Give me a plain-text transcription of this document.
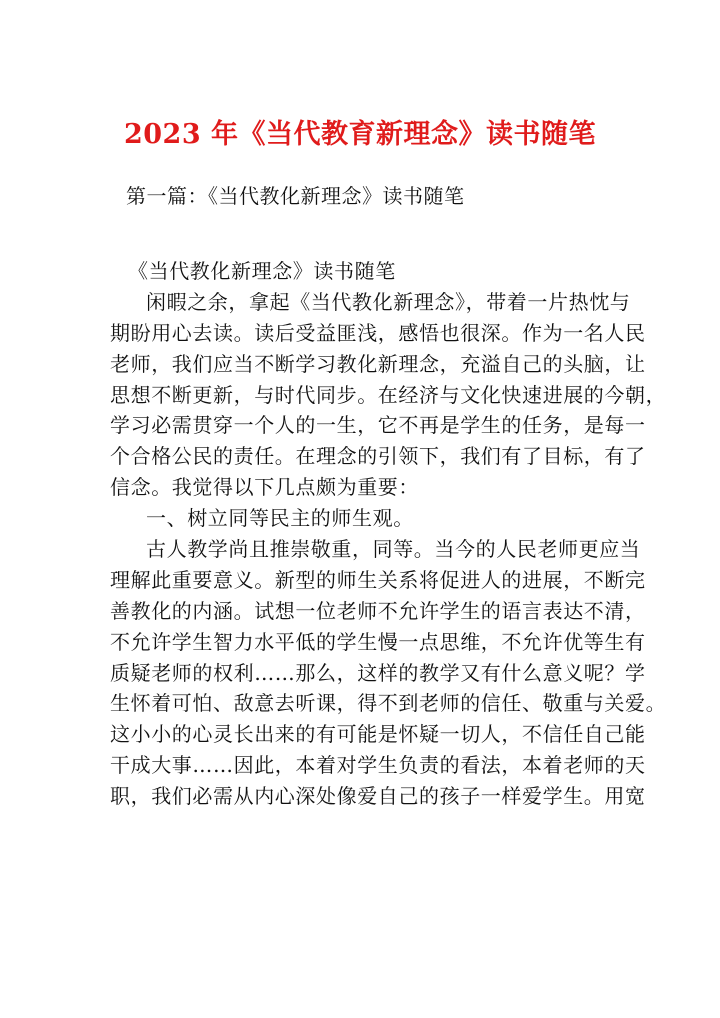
2023 年《当代教育新理念》读书随笔
第一篇：《当代教化新理念》读书随笔
《当代教化新理念》读书随笔
闲暇之余，拿起《当代教化新理念》，带着一片热忱与
期盼用心去读。读后受益匪浅，感悟也很深。作为一名人民
老师，我们应当不断学习教化新理念，充溢自己的头脑，让
思想不断更新，与时代同步。在经济与文化快速进展的今朝，
学习必需贯穿一个人的一生，它不再是学生的任务，是每一
个合格公民的责任。在理念的引领下，我们有了目标，有了
信念。我觉得以下几点颇为重要：
一、树立同等民主的师生观。
古人教学尚且推崇敬重，同等。当今的人民老师更应当
理解此重要意义。新型的师生关系将促进人的进展，不断完
善教化的内涵。试想一位老师不允许学生的语言表达不清，
不允许学生智力水平低的学生慢一点思维，不允许优等生有
质疑老师的权利……那么，这样的教学又有什么意义呢？学
生怀着可怕、敌意去听课，得不到老师的信任、敬重与关爱。
这小小的心灵长出来的有可能是怀疑一切人，不信任自己能
干成大事……因此，本着对学生负责的看法，本着老师的天
职，我们必需从内心深处像爱自己的孩子一样爱学生。用宽
